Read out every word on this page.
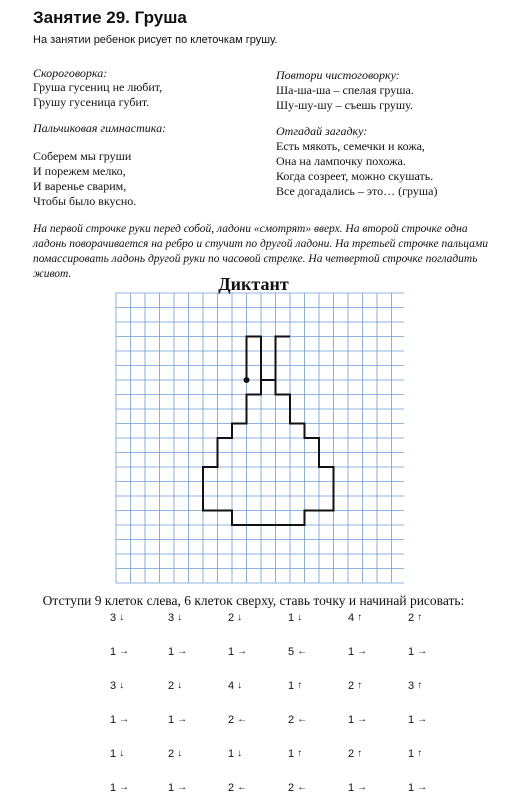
Занятие 29. Груша
На занятии ребенок рисует по клеточкам грушу.
Скороговорка:
Груша гусениц не любит,
Грушу гусеница губит.
Повтори чистоговорку:
Ша-ша-ша – спелая груша.
Шу-шу-шу – съешь грушу.
Пальчиковая гимнастика:
Соберем мы груши
И порежем мелко,
И варенье сварим,
Чтобы было вкусно.
Отгадай загадку:
Есть мякоть, семечки и кожа,
Она на лампочку похожа.
Когда созреет, можно скушать.
Все догадались – это… (груша)
На первой строчке руки перед собой, ладони «смотрят» вверх. На второй строчке одна ладонь поворачивается на ребро и стучит по другой ладони. На третьей строчке пальцами помассировать ладонь другой руки по часовой стрелке. На четвертой строчке погладить живот.	Диктант
Отступи 9 клеток слева, 6 клеток сверху, ставь точку и начинай рисовать:
3 ↓	3 ↓	2 ↓	1 ↓	4 ↑	2 ↑
1 →	1 →	1 →	5 ←	1 →	1 →
3 ↓	2 ↓	4 ↓	1 ↑	2 ↑	3 ↑
1 →	1 →	2 ←	2 ←	1 →	1 →
1 ↓	2 ↓	1 ↓	1 ↑	2 ↑	1 ↑
1 →	1 →	2 ←	2 ←	1 →	1 →
